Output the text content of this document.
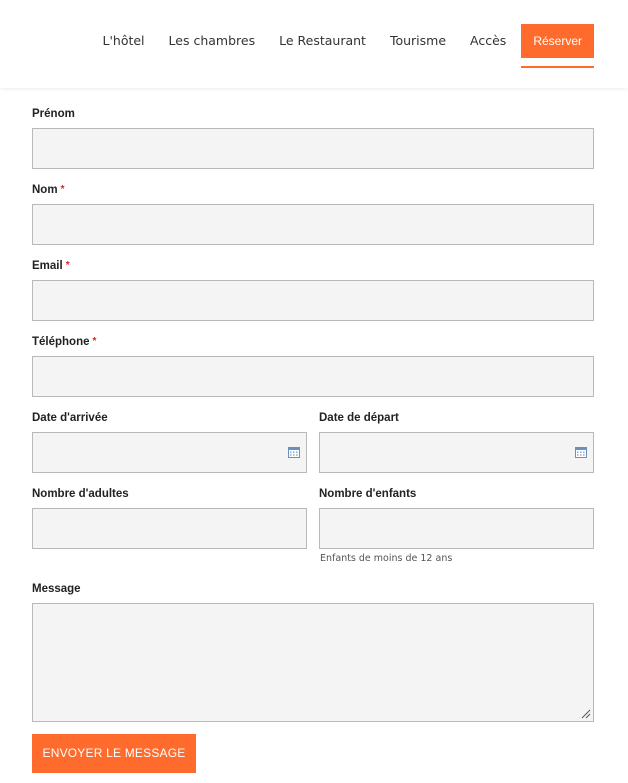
L'hôtel Les chambres Le Restaurant Tourisme Accès	Réserver
Prénom
Nom *
Email *
Téléphone *
Date d'arrivée	Date de départ
Nombre d'adultes	Nombre d'enfants
Enfants de moins de 12 ans
Message
ENVOYER LE MESSAGE
